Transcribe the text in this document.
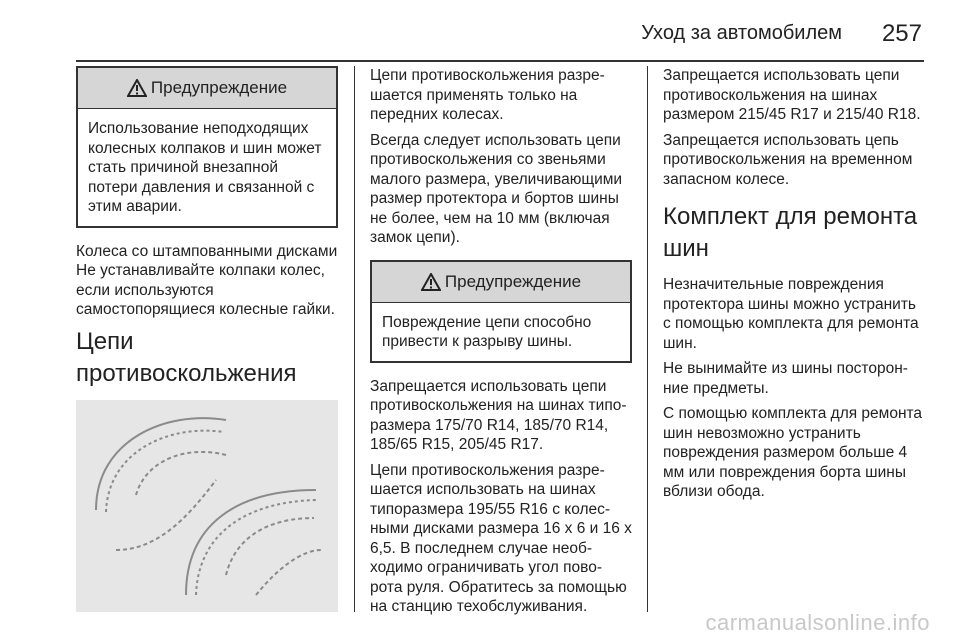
Уход за автомобилем 257
Предупреждение
Использование неподходящих колесных колпаков и шин может стать причиной внезапной потери давления и связанной с этим аварии.

Колеса со штампованными дисками Не устанавливайте колпаки колес, если используются самостопорящиеся колесные гайки.

Цепи противоскольжения

Цепи противоскольжения разре- шается применять только на передних колесах.

Всегда следует использовать цепи противоскольжения со звеньями малого размера, увеличивающими размер протектора и бортов шины не более, чем на 10 мм (включая замок цепи).

Предупреждение
Повреждение цепи способно привести к разрыву шины.

Запрещается использовать цепи противоскольжения на шинах типо- размера 175/70 R14, 185/70 R14, 185/65 R15, 205/45 R17.

Цепи противоскольжения разре- шается использовать на шинах типоразмера 195/55 R16 с колес- ными дисками размера 16 x 6 и 16 x 6,5. В последнем случае необ- ходимо ограничивать угол пово- рота руля. Обратитесь за помощью на станцию техобслуживания.

Запрещается использовать цепи противоскольжения на шинах размером 215/45 R17 и 215/40 R18.

Запрещается использовать цепь противоскольжения на временном запасном колесе.

Комплект для ремонта шин

Незначительные повреждения протектора шины можно устранить с помощью комплекта для ремонта шин.

Не вынимайте из шины посторон- ние предметы.

С помощью комплекта для ремонта шин невозможно устранить повреждения размером больше 4 мм или повреждения борта шины вблизи обода.

carmanualsonline.info
